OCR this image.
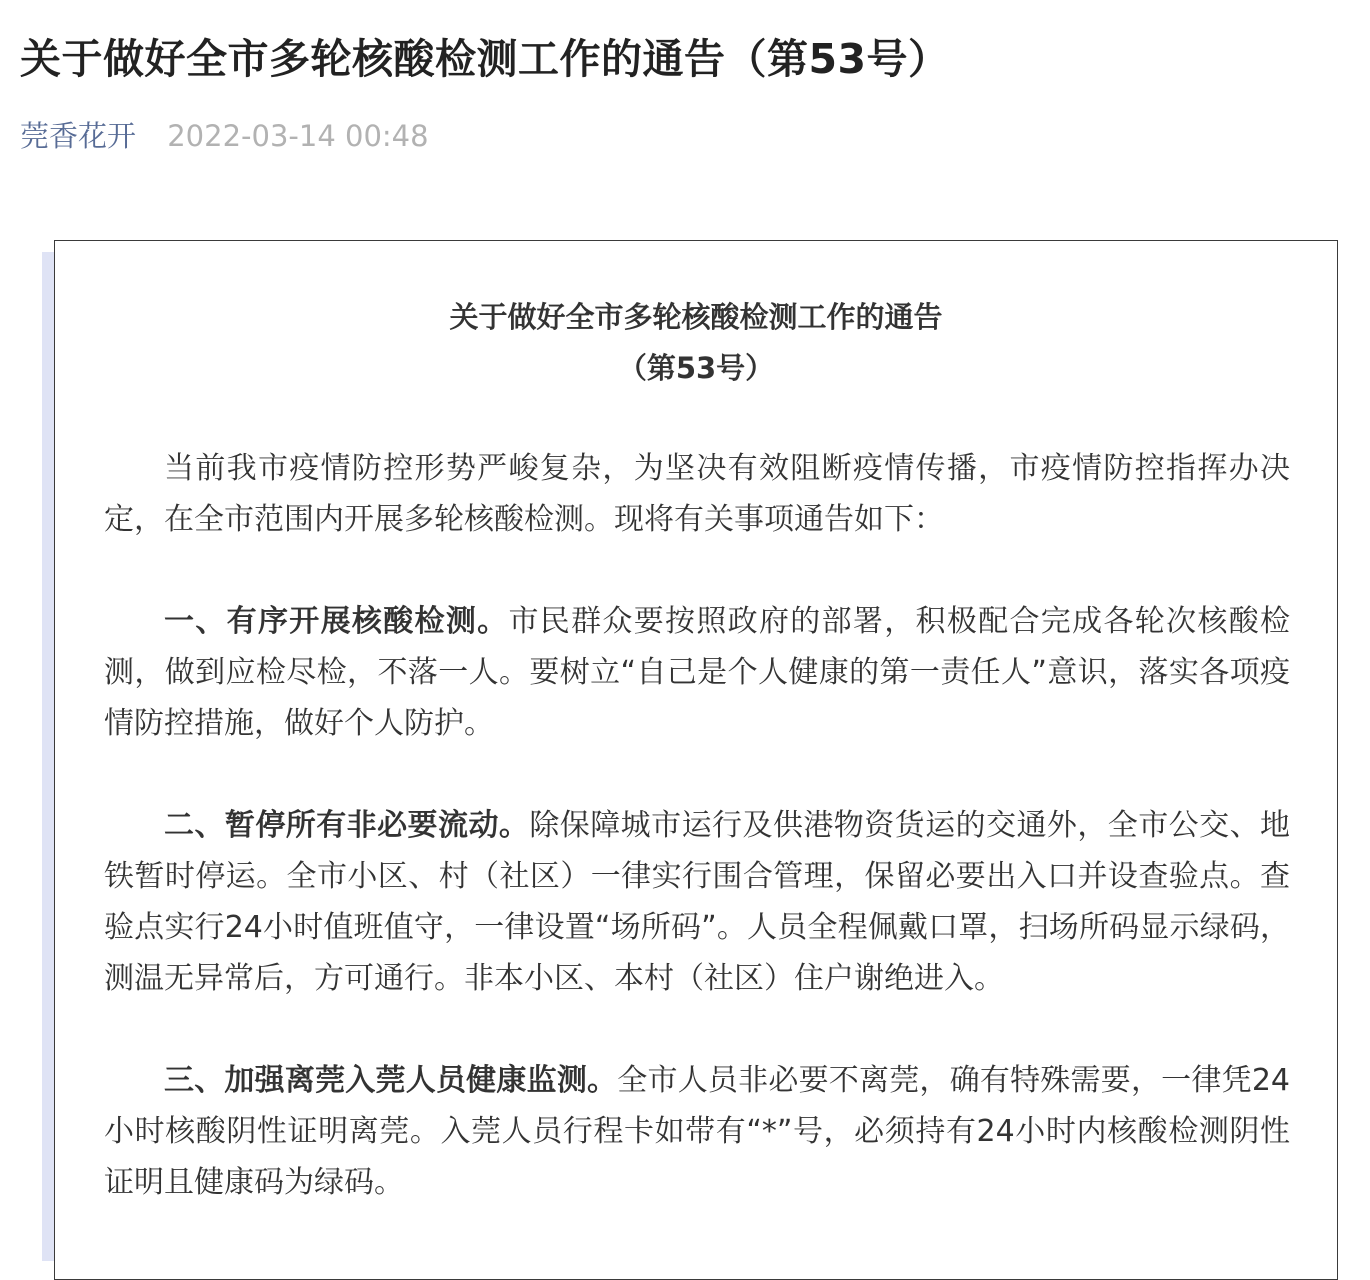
关于做好全市多轮核酸检测工作的通告（第53号）
莞香花开 2022-03-14 00:48
关于做好全市多轮核酸检测工作的通告
（第53号）

当前我市疫情防控形势严峻复杂，为坚决有效阻断疫情传播，市疫情防控指挥办决定，在全市范围内开展多轮核酸检测。现将有关事项通告如下：

一、有序开展核酸检测。市民群众要按照政府的部署，积极配合完成各轮次核酸检测，做到应检尽检，不落一人。要树立“自己是个人健康的第一责任人”意识，落实各项疫情防控措施，做好个人防护。

二、暂停所有非必要流动。除保障城市运行及供港物资货运的交通外，全市公交、地铁暂时停运。全市小区、村（社区）一律实行围合管理，保留必要出入口并设查验点。查验点实行24小时值班值守，一律设置“场所码”。人员全程佩戴口罩，扫场所码显示绿码，测温无异常后，方可通行。非本小区、本村（社区）住户谢绝进入。

三、加强离莞入莞人员健康监测。全市人员非必要不离莞，确有特殊需要，一律凭24小时核酸阴性证明离莞。入莞人员行程卡如带有“*”号，必须持有24小时内核酸检测阴性证明且健康码为绿码。
